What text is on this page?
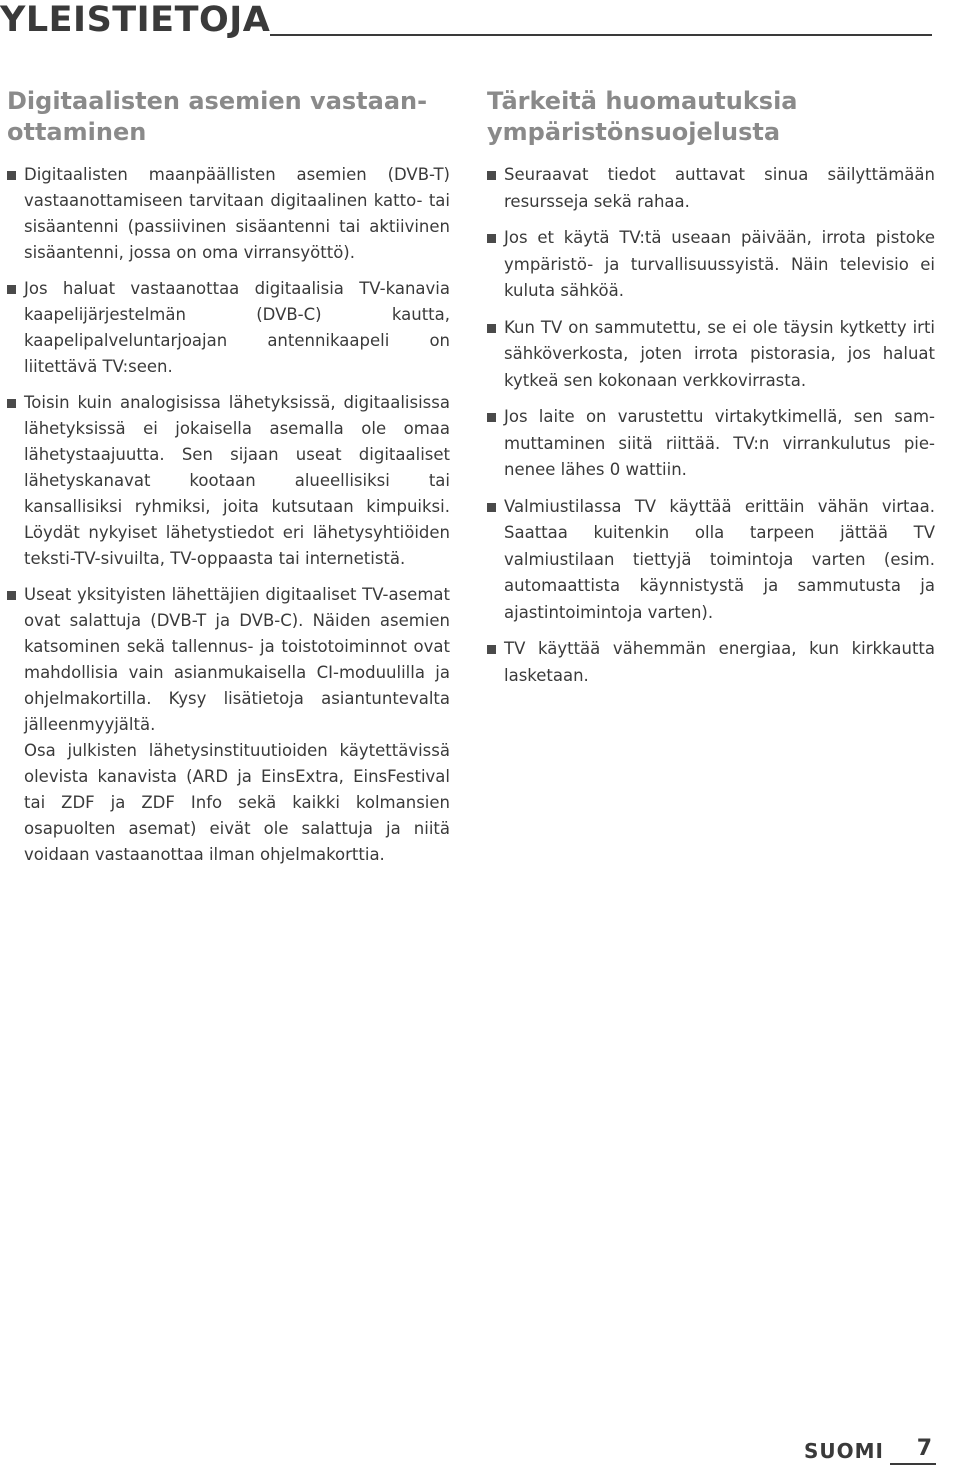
YLEISTIETOJA
Digitaalisten asemien vastaanottaminen

Digitaalisten maanpäällisten asemien (DVB-T) vastaanottamiseen tarvitaan digitaalinen katto- tai sisäantenni (passiivinen sisäantenni tai aktiivinen sisäantenni, jossa on oma virransyöttö).

Jos haluat vastaanottaa digitaalisia TV-kanavia kaapelijärjestelmän (DVB-C) kautta, kaapelipalveluntarjoajan antennikaapeli on liitettävä TV:seen.

Toisin kuin analogisissa lähetyksissä, digitaalisissa lähetyksissä ei jokaisella asemalla ole omaa lähetystaajuutta. Sen sijaan useat digitaaliset lähetyskanavat kootaan alueellisiksi tai kansallisiksi ryhmiksi, joita kutsutaan kimpuiksi. Löydät nykyiset lähetystiedot eri lähetysyhtiöiden teksti-TV-sivuilta, TV-oppaasta tai internetistä.

Useat yksityisten lähettäjien digitaaliset TV-asemat ovat salattuja (DVB-T ja DVB-C). Näiden asemien katsominen sekä tallennus- ja toistotoiminnot ovat mahdollisia vain asianmukaisella CI-moduulilla ja ohjelmakortilla. Kysy lisätietoja asiantuntevalta jälleenmyyjältä.

Osa julkisten lähetysinstituutioiden käytettävissä olevista kanavista (ARD ja EinsExtra, EinsFestival tai ZDF ja ZDF Info sekä kaikki kolmansien osapuolten asemat) eivät ole salattuja ja niitä voidaan vastaanottaa ilman ohjelmakorttia.

Tärkeitä huomautuksia ympäristönsuojelusta

Seuraavat tiedot auttavat sinua säilyttämään resursseja sekä rahaa.

Jos et käytä TV:tä useaan päivään, irrota pistoke ympäristö- ja turvallisuussyistä. Näin televisio ei kuluta sähköä.

Kun TV on sammutettu, se ei ole täysin kytketty irti sähköverkosta, joten irrota pistorasia, jos haluat kytkeä sen kokonaan verkkovirrasta.

Jos laite on varustettu virtakytkimellä, sen sammuttaminen siitä riittää. TV:n virrankulutus pienenee lähes 0 wattiin.

Valmiustilassa TV käyttää erittäin vähän virtaa. Saattaa kuitenkin olla tarpeen jättää TV valmiustilaan tiettyjä toimintoja varten (esim. automaattista käynnistystä ja sammutusta ja ajastintoimintoja varten).

TV käyttää vähemmän energiaa, kun kirkkautta lasketaan.

SUOMI 7
